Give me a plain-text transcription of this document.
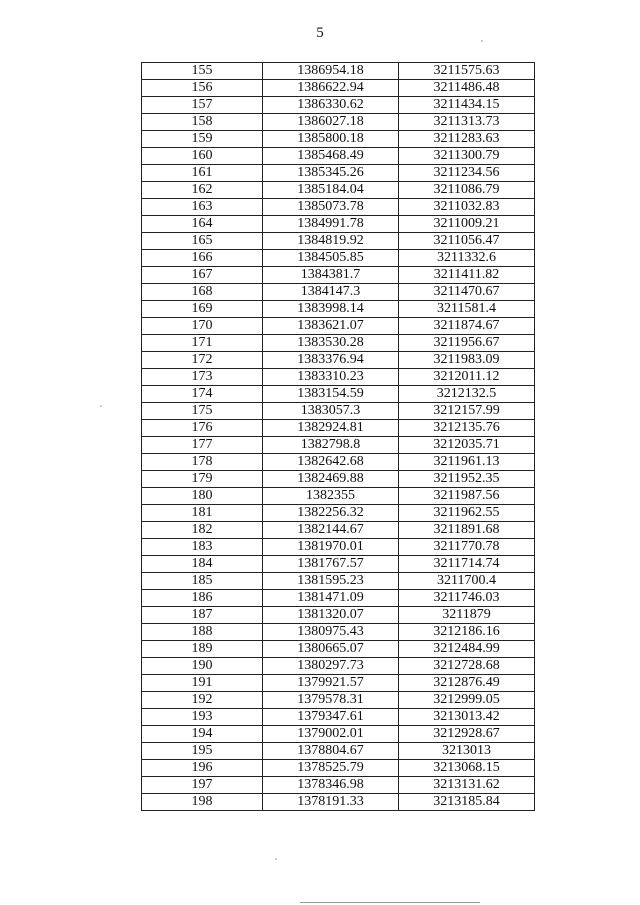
5
155	1386954.18	3211575.63
156	1386622.94	3211486.48
157	1386330.62	3211434.15
158	1386027.18	3211313.73
159	1385800.18	3211283.63
160	1385468.49	3211300.79
161	1385345.26	3211234.56
162	1385184.04	3211086.79
163	1385073.78	3211032.83
164	1384991.78	3211009.21
165	1384819.92	3211056.47
166	1384505.85	3211332.6
167	1384381.7	3211411.82
168	1384147.3	3211470.67
169	1383998.14	3211581.4
170	1383621.07	3211874.67
171	1383530.28	3211956.67
172	1383376.94	3211983.09
173	1383310.23	3212011.12
174	1383154.59	3212132.5
175	1383057.3	3212157.99
176	1382924.81	3212135.76
177	1382798.8	3212035.71
178	1382642.68	3211961.13
179	1382469.88	3211952.35
180	1382355	3211987.56
181	1382256.32	3211962.55
182	1382144.67	3211891.68
183	1381970.01	3211770.78
184	1381767.57	3211714.74
185	1381595.23	3211700.4
186	1381471.09	3211746.03
187	1381320.07	3211879
188	1380975.43	3212186.16
189	1380665.07	3212484.99
190	1380297.73	3212728.68
191	1379921.57	3212876.49
192	1379578.31	3212999.05
193	1379347.61	3213013.42
194	1379002.01	3212928.67
195	1378804.67	3213013
196	1378525.79	3213068.15
197	1378346.98	3213131.62
198	1378191.33	3213185.84
